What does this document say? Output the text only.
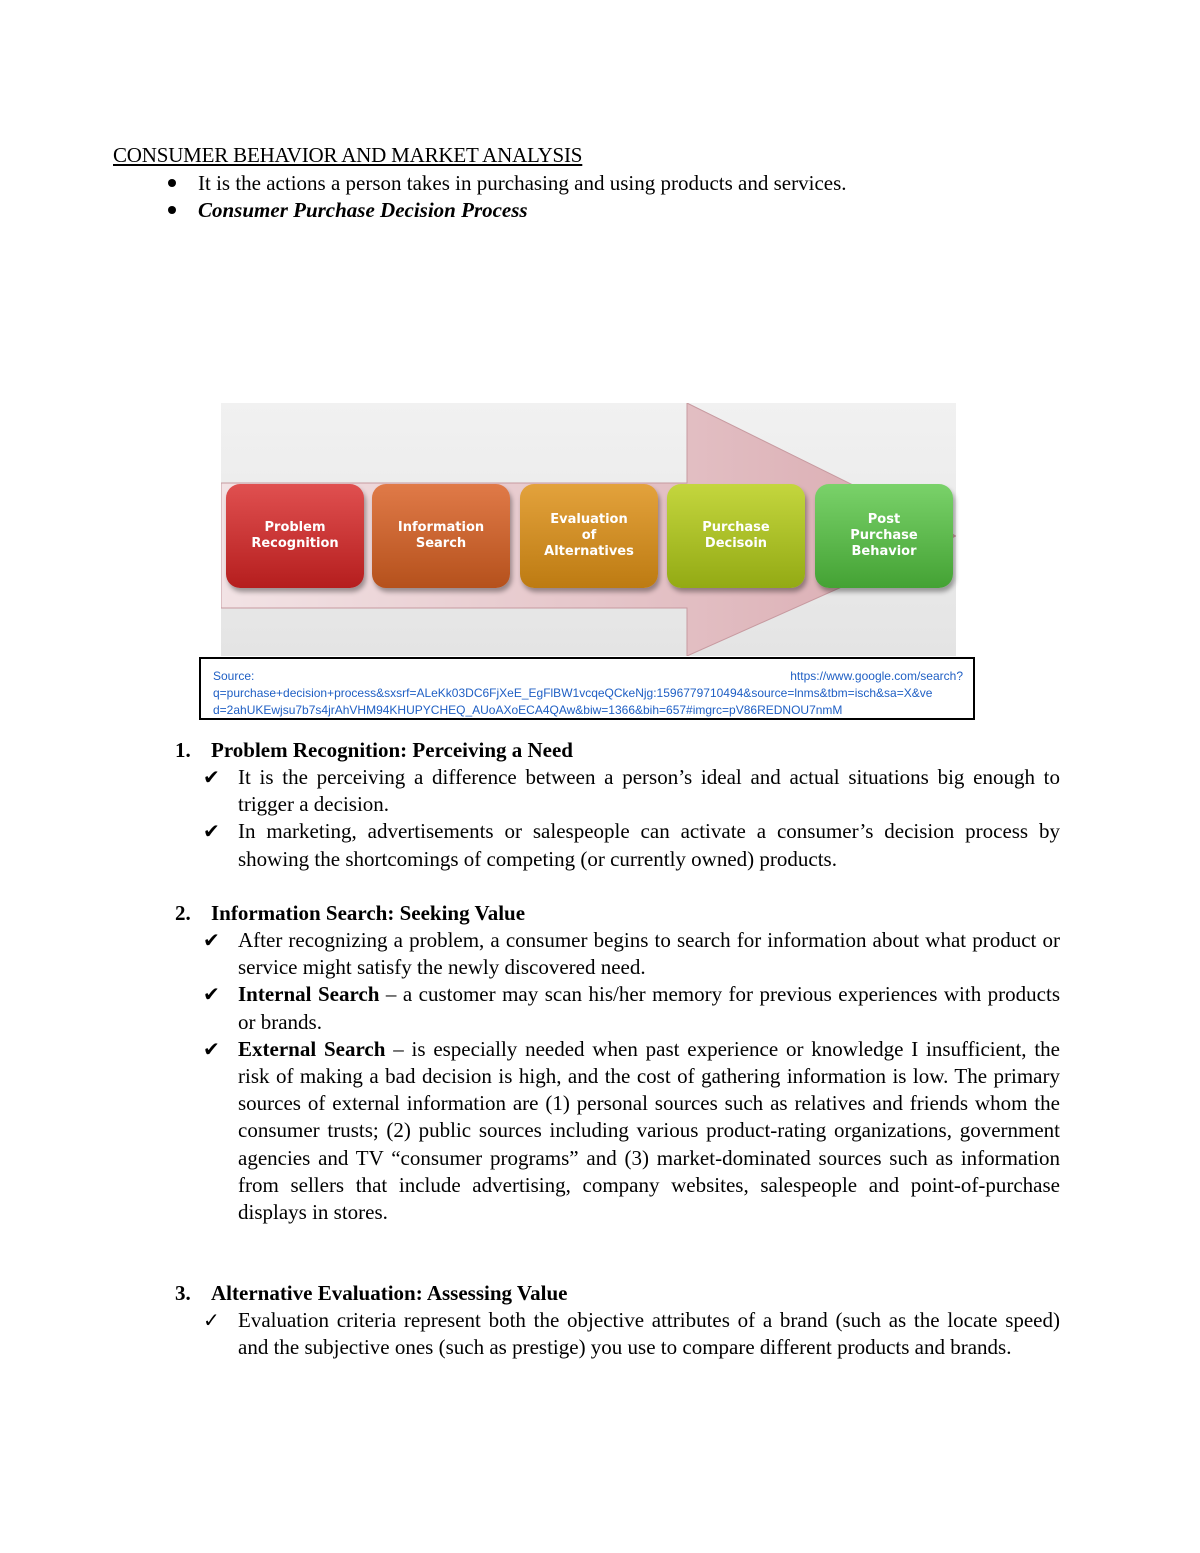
CONSUMER BEHAVIOR AND MARKET ANALYSIS
It is the actions a person takes in purchasing and using products and services.
Consumer Purchase Decision Process
Problem
Recognition
Information
Search
Evaluation
of
Alternatives
Purchase
Decisoin
Post
Purchase
Behavior
Source:	https://www.google.com/search?
q=purchase+decision+process&sxsrf=ALeKk03DC6FjXeE_EgFlBW1vcqeQCkeNjg:1596779710494&source=lnms&tbm=isch&sa=X&ve
d=2ahUKEwjsu7b7s4jrAhVHM94KHUPYCHEQ_AUoAXoECA4QAw&biw=1366&bih=657#imgrc=pV86REDNOU7nmM
1. Problem Recognition: Perceiving a Need
✔ It is the perceiving a difference between a person’s ideal and actual situations big enough to trigger a decision.
✔ In marketing, advertisements or salespeople can activate a consumer’s decision process by showing the shortcomings of competing (or currently owned) products.
2. Information Search: Seeking Value
✔ After recognizing a problem, a consumer begins to search for information about what product or service might satisfy the newly discovered need.
✔ Internal Search – a customer may scan his/her memory for previous experiences with products or brands.
✔ External Search – is especially needed when past experience or knowledge I insufficient, the risk of making a bad decision is high, and the cost of gathering information is low. The primary sources of external information are (1) personal sources such as relatives and friends whom the consumer trusts; (2) public sources including various product-rating organizations, government agencies and TV “consumer programs” and (3) market-dominated sources such as information from sellers that include advertising, company websites, salespeople and point-of-purchase displays in stores.
3. Alternative Evaluation: Assessing Value
✓ Evaluation criteria represent both the objective attributes of a brand (such as the locate speed) and the subjective ones (such as prestige) you use to compare different products and brands.
